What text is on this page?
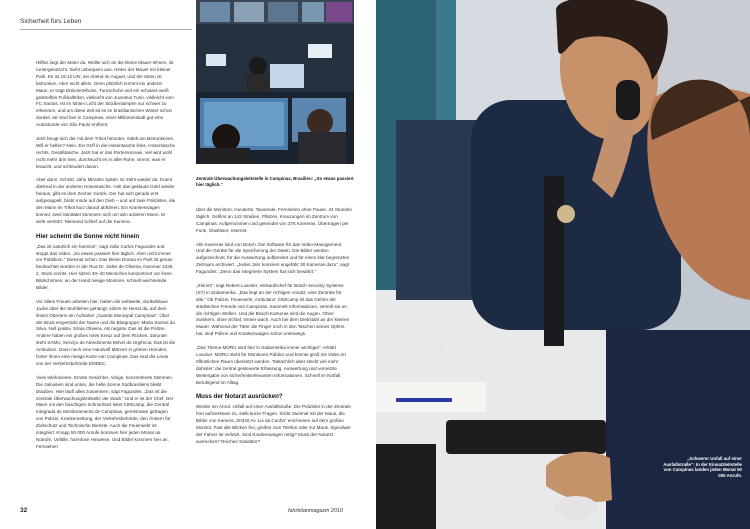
Sicherheit fürs Leben

Hilflos liegt der Mann da. Wollte sich an die kleine Mauer lehnen, ist runtergerutscht. Sieht unbequem aus. Hinter der Mauer ein kleiner Park. Es ist 19:12 Uhr, ein Abend im August, und der Mann ist betrunken. Aber nicht allein. Denn plötzlich kommt ein anderer Mann, er trägt Dreiviertelhose, Turnschuhe und ein schwarz-weiß gestreiftes Fußballtrikot, vielleicht von Juventus Turin, vielleicht vom FC Santos. Ist im fahlen Licht der Straßenlampen nur schwer zu erkennen, und um diese Zeit ist es im brasilianischen Winter schon dunkel, wir sind hier in Campinas, einer Millionenstadt gut eine Autostunde von São Paulo entfernt.

Jetzt beugt sich der mit dem Trikot herunter, rüttelt am Betrunkenen. Will er helfen? Nein. Ein Griff in die Hosentasche links, Hosentasche rechts, Gesäßtasche. Jetzt hat er das Portemonnaie, viel wird wohl nicht mehr drin sein, durchsucht es in aller Ruhe, nimmt, was er braucht, und schleudert davon.

Aber dann: Schnitt. Jahn Minuten später. Er steht wieder da. Kramt diesmal in der anderen Hosentasche. Holt das geklaute Geld wieder heraus, gibt es dem Zecher zurück. Der hat sich gerade erst aufgerappelt, blickt müde auf den Dieb – und auf zwei Polizisten, die den Mann im Trikot kurz darauf abführen. Ein Krankenwagen kommt, zwei Sanitäter kümmern sich um den anderen Mann. Er wirkt verstört. Niemand schlief auf die Kamera.

Hier scheint die Sonne nicht hinein

„Das ist natürlich ein harmlos“, sagt João Carlos Fagundes und stoppt das Video. „So etwas passiert hier täglich. Aber nicht immer vor Publikum.“ Diesmal schon. Das kleine Drama im Park ist genau beobachtet worden in der Rua Dr. Sales de Oliveira, Nummer 1028, 2. Stock rechts. Hier sitzen 30–40 Menschen konzentriert vor ihren Bildschirmen, an der Hand riesige Monitore, schnell wechselnde Bilder.

Vor allem Frauen arbeiten hier, haben die weltweite, dunkelblaue Jacke über die Stuhllehne gehängt, sitzen im Hemd da, auf dem linken Oberarm ein Aufnäher „Guarda Municipal Campinas“. Über der Brust eingestickt der Name und die Blutgruppe: Maria Santos da Silva, Null positiv. Sônia Oliveira, AB negativ. Das ist die Polizei. Andere haben ein großes rotes Kreuz auf dem Rücken, darunter steht SAMU, Serviço de Atendimento Móvel de Urgência. Das ist die Ambulanz. Dann noch eine Handvoll Männer in grünen Hemden, hinter ihnen eine riesige Karte von Campinas. Das sind die Leute von der Verkehrsbehörde EMDEC.

Viele telefonieren. Ernste Gesichter, ruhige, konzentrierte Stimmen. Die Jalousien sind unten, die helle Sonne Südbrasiliens bleibt draußen. Hier läuft alles zusammen, sagt Fagundes. „Das ist die zentrale Überwachungsleitstelle der Stadt.“ Und er ist der Chef. Der Mann mit den buschigen Schnurrbart leitet CIMCamp, die Central Integrada de Monitoramento de Campinas, gemeinsam getragen von Polizei, Krankenrettung, der Verkehrsbehörde, den Ämtern für Zivilschutz und Technische Dienste. Auch die Feuerwehr ist integriert. Knapp 50 000 Anrufe kommen hier jeden Monat an. Notrufe, Unfälle, harmlose Hinweise. Und Bilder kommen hier an, Fernsehen

Zentrale Überwachungsleitstelle in Campinas, Brasilien: „So etwas passiert hier täglich.“

über die Monitore. Hunderte, Tausende. Fernsehen ohne Pause. 24 Stunden täglich. Gefilmt an 143 Straßen, Plätzen, Kreuzungen im Zentrum von Campinas. Aufgenommen und gesendet von 375 Kameras. Übertragen per Funk, Glasfaser, Internet.

Alle Kameras sind von Bosch. Die Software für das Video-Management. Und die Geräte für die Speicherung der Daten. Die Bilder werden aufgezeichnet, für die Auswertung aufbereitet und für einen klar begrenzten Zeitraum archiviert. „Jedes Jahr kommen ungefähr 30 Kameras dazu“, sagt Fagundes. „Denn das integrierte System hat sich bewährt.“

„Stimmt“, sagt Robert Loacker, Verkaufschef für Bosch Security Systems (ST) in Südamerika. „Das liegt an der richtigen Ansatz: eine Zentrale für alle.“ Ob Polizei, Feuerwehr, Ambulanz: CIMCamp ist das Gehirn der städtischen Fremde von Campinas. Sammelt Informationen, verteilt sie an die richtigen Stellen. Und die Bosch-Kameras sind die Augen. Ohne zwinkern, ohne Schlaf, immer wach. Auch bei dem Diebstahl an der kleinen Mauer. Während der Täter die Finger noch in den Taschen seines Opfers hat, sind Polizei und Krankenwagen schon unterwegs.

„Das Thema MORU wird hier in Südamerika immer wichtiger“, erklärt Loacker. MORU steht für Monitoreo Público und könnte groß mit Video im öffentlichen Raum übersetzt werden. Tatsächlich aber steckt viel mehr dahinter: die zentral gesteuerte Erfassung, Auswertung und vernetzte Weitergabe von sicherheitsrelevanten Informationen. Schnell im Notfall. Beruhigend im Alltag.

Muss der Notarzt ausrücken?

Wieder ein Anruf. Unfall auf einer Ausfallstraße. Die Polizistin in der Zentrale hört aufmerksam zu, stellt kurze Fragen. Klickt zweimal mit der Maus, die Bilder von Kamera „00340 Av. Lix da Cunha“ erscheinen auf dem großen Monitor. Fast alle Blicken frei, greifen zum Telefon oder zur Maus. Irgendwer der Fahrer ist verletzt. Sind Krankenwagen nötig? Muss der Notarzt ausrücken? Reichen Sanitäter?

32	fahrbitanmagazin 2010
„Schwerer Unfall auf einer Ausfallstraße“: In der Einsatzleitstelle von Campinas landen jeden Monat 50 000 Anrufe.
